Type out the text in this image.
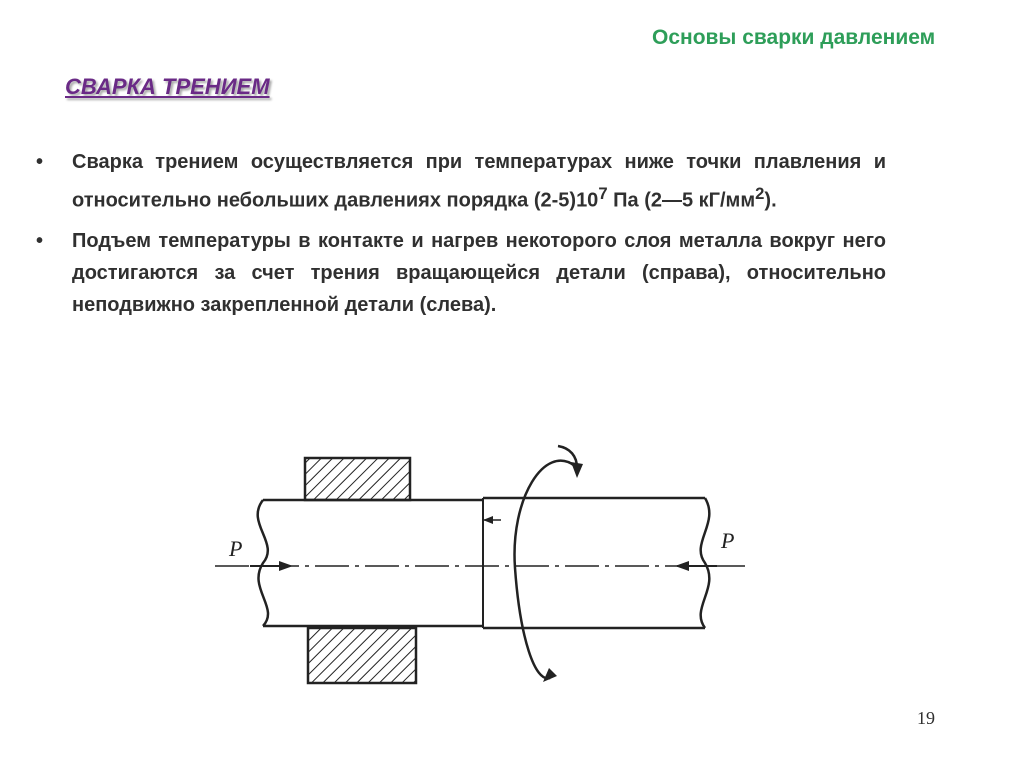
Основы сварки давлением
СВАРКА ТРЕНИЕМ
•	Сварка трением осуществляется при температурах ниже точки плавления и относительно небольших давлениях порядка $(2-5)10^7$ Па (2—5 $кГ/мм^2$).
•	Подъем температуры в контакте и нагрев некоторого слоя металла вокруг него достигаются за счет трения вращающейся детали (справа), относительно неподвижно закрепленной детали (слева).
P	P
19
